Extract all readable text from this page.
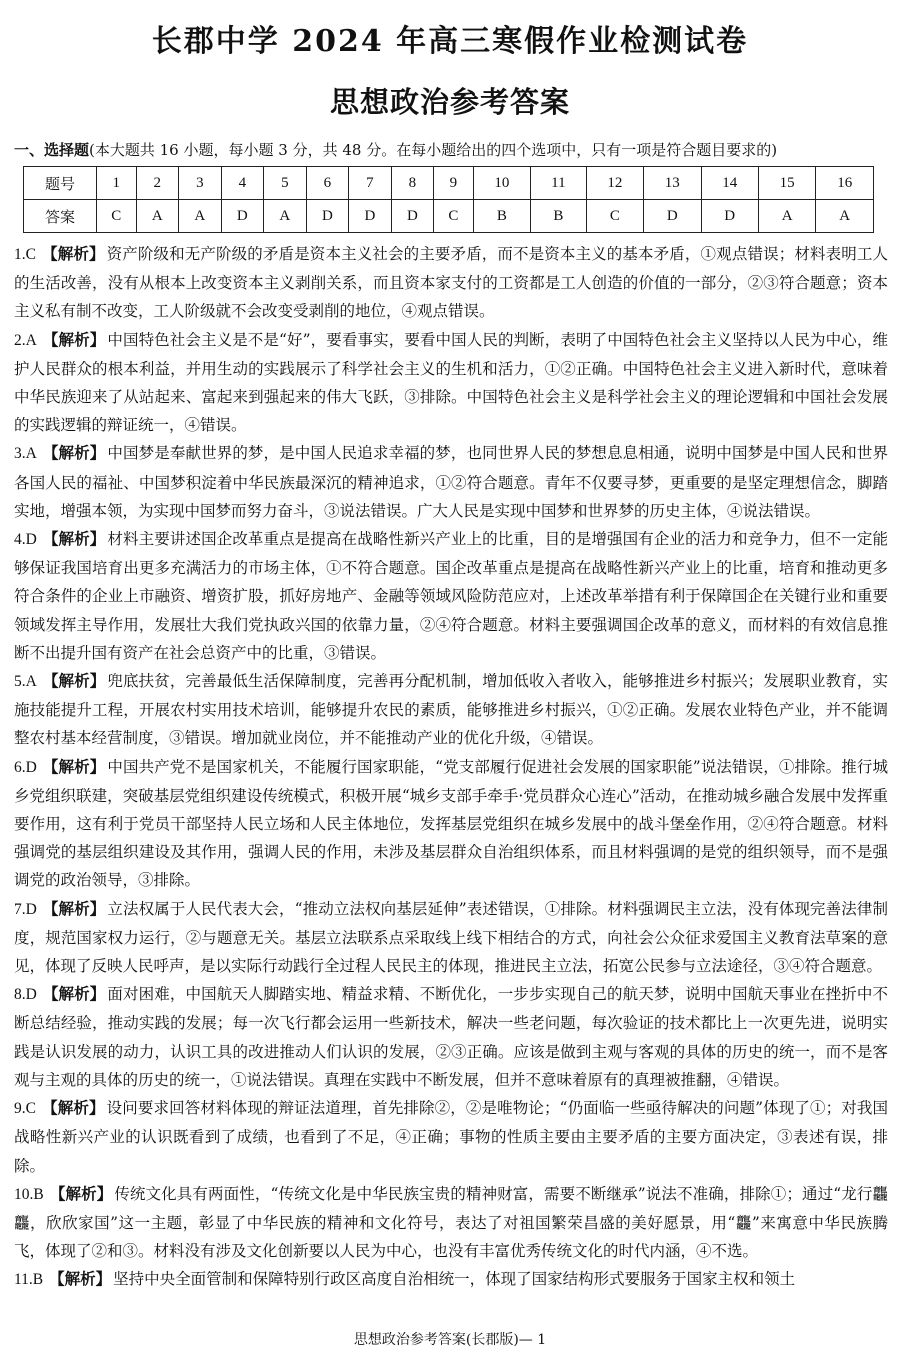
长郡中学 2024 年高三寒假作业检测试卷
思想政治参考答案
一、选择题(本大题共 16 小题，每小题 3 分，共 48 分。在每小题给出的四个选项中，只有一项是符合题目要求的)
题号	1	2	3	4	5	6	7	8	9	10	11	12	13	14	15	16
答案	C	A	A	D	A	D	D	D	C	B	B	C	D	D	A	A

1.C 【解析】 资产阶级和无产阶级的矛盾是资本主义社会的主要矛盾，而不是资本主义的基本矛盾，①观点错误；材料表明工人的生活改善，没有从根本上改变资本主义剥削关系，而且资本家支付的工资都是工人创造的价值的一部分，②③符合题意；资本主义私有制不改变，工人阶级就不会改变受剥削的地位，④观点错误。

2.A 【解析】 中国特色社会主义是不是“好”，要看事实，要看中国人民的判断，表明了中国特色社会主义坚持以人民为中心，维护人民群众的根本利益，并用生动的实践展示了科学社会主义的生机和活力，①②正确。中国特色社会主义进入新时代，意味着中华民族迎来了从站起来、富起来到强起来的伟大飞跃，③排除。中国特色社会主义是科学社会主义的理论逻辑和中国社会发展的实践逻辑的辩证统一，④错误。

3.A 【解析】 中国梦是奉献世界的梦，是中国人民追求幸福的梦，也同世界人民的梦想息息相通，说明中国梦是中国人民和世界各国人民的福祉、中国梦积淀着中华民族最深沉的精神追求，①②符合题意。青年不仅要寻梦，更重要的是坚定理想信念，脚踏实地，增强本领，为实现中国梦而努力奋斗，③说法错误。广大人民是实现中国梦和世界梦的历史主体，④说法错误。

4.D 【解析】 材料主要讲述国企改革重点是提高在战略性新兴产业上的比重，目的是增强国有企业的活力和竞争力，但不一定能够保证我国培育出更多充满活力的市场主体，①不符合题意。国企改革重点是提高在战略性新兴产业上的比重，培育和推动更多符合条件的企业上市融资、增资扩股，抓好房地产、金融等领域风险防范应对，上述改革举措有利于保障国企在关键行业和重要领域发挥主导作用，发展壮大我们党执政兴国的依靠力量，②④符合题意。材料主要强调国企改革的意义，而材料的有效信息推断不出提升国有资产在社会总资产中的比重，③错误。

5.A 【解析】 兜底扶贫，完善最低生活保障制度，完善再分配机制，增加低收入者收入，能够推进乡村振兴；发展职业教育，实施技能提升工程，开展农村实用技术培训，能够提升农民的素质，能够推进乡村振兴，①②正确。发展农业特色产业，并不能调整农村基本经营制度，③错误。增加就业岗位，并不能推动产业的优化升级，④错误。

6.D 【解析】 中国共产党不是国家机关，不能履行国家职能，“党支部履行促进社会发展的国家职能”说法错误，①排除。推行城乡党组织联建，突破基层党组织建设传统模式，积极开展“城乡支部手牵手·党员群众心连心”活动，在推动城乡融合发展中发挥重要作用，这有利于党员干部坚持人民立场和人民主体地位，发挥基层党组织在城乡发展中的战斗堡垒作用，②④符合题意。材料强调党的基层组织建设及其作用，强调人民的作用，未涉及基层群众自治组织体系，而且材料强调的是党的组织领导，而不是强调党的政治领导，③排除。

7.D 【解析】 立法权属于人民代表大会，“推动立法权向基层延伸”表述错误，①排除。材料强调民主立法，没有体现完善法律制度，规范国家权力运行，②与题意无关。基层立法联系点采取线上线下相结合的方式，向社会公众征求爱国主义教育法草案的意见，体现了反映人民呼声，是以实际行动践行全过程人民民主的体现，推进民主立法，拓宽公民参与立法途径，③④符合题意。

8.D 【解析】 面对困难，中国航天人脚踏实地、精益求精、不断优化，一步步实现自己的航天梦，说明中国航天事业在挫折中不断总结经验，推动实践的发展；每一次飞行都会运用一些新技术，解决一些老问题，每次验证的技术都比上一次更先进，说明实践是认识发展的动力，认识工具的改进推动人们认识的发展，②③正确。应该是做到主观与客观的具体的历史的统一，而不是客观与主观的具体的历史的统一，①说法错误。真理在实践中不断发展，但并不意味着原有的真理被推翻，④错误。

9.C 【解析】 设问要求回答材料体现的辩证法道理，首先排除②，②是唯物论；“仍面临一些亟待解决的问题”体现了①；对我国战略性新兴产业的认识既看到了成绩，也看到了不足，④正确；事物的性质主要由主要矛盾的主要方面决定，③表述有误，排除。

10.B 【解析】 传统文化具有两面性，“传统文化是中华民族宝贵的精神财富，需要不断继承”说法不准确，排除①；通过“龙行龘龘，欣欣家国”这一主题，彰显了中华民族的精神和文化符号，表达了对祖国繁荣昌盛的美好愿景，用“龘”来寓意中华民族腾飞，体现了②和③。材料没有涉及文化创新要以人民为中心，也没有丰富优秀传统文化的时代内涵，④不选。

11.B 【解析】 坚持中央全面管制和保障特别行政区高度自治相统一，体现了国家结构形式要服务于国家主权和领土

思想政治参考答案(长郡版)— 1
